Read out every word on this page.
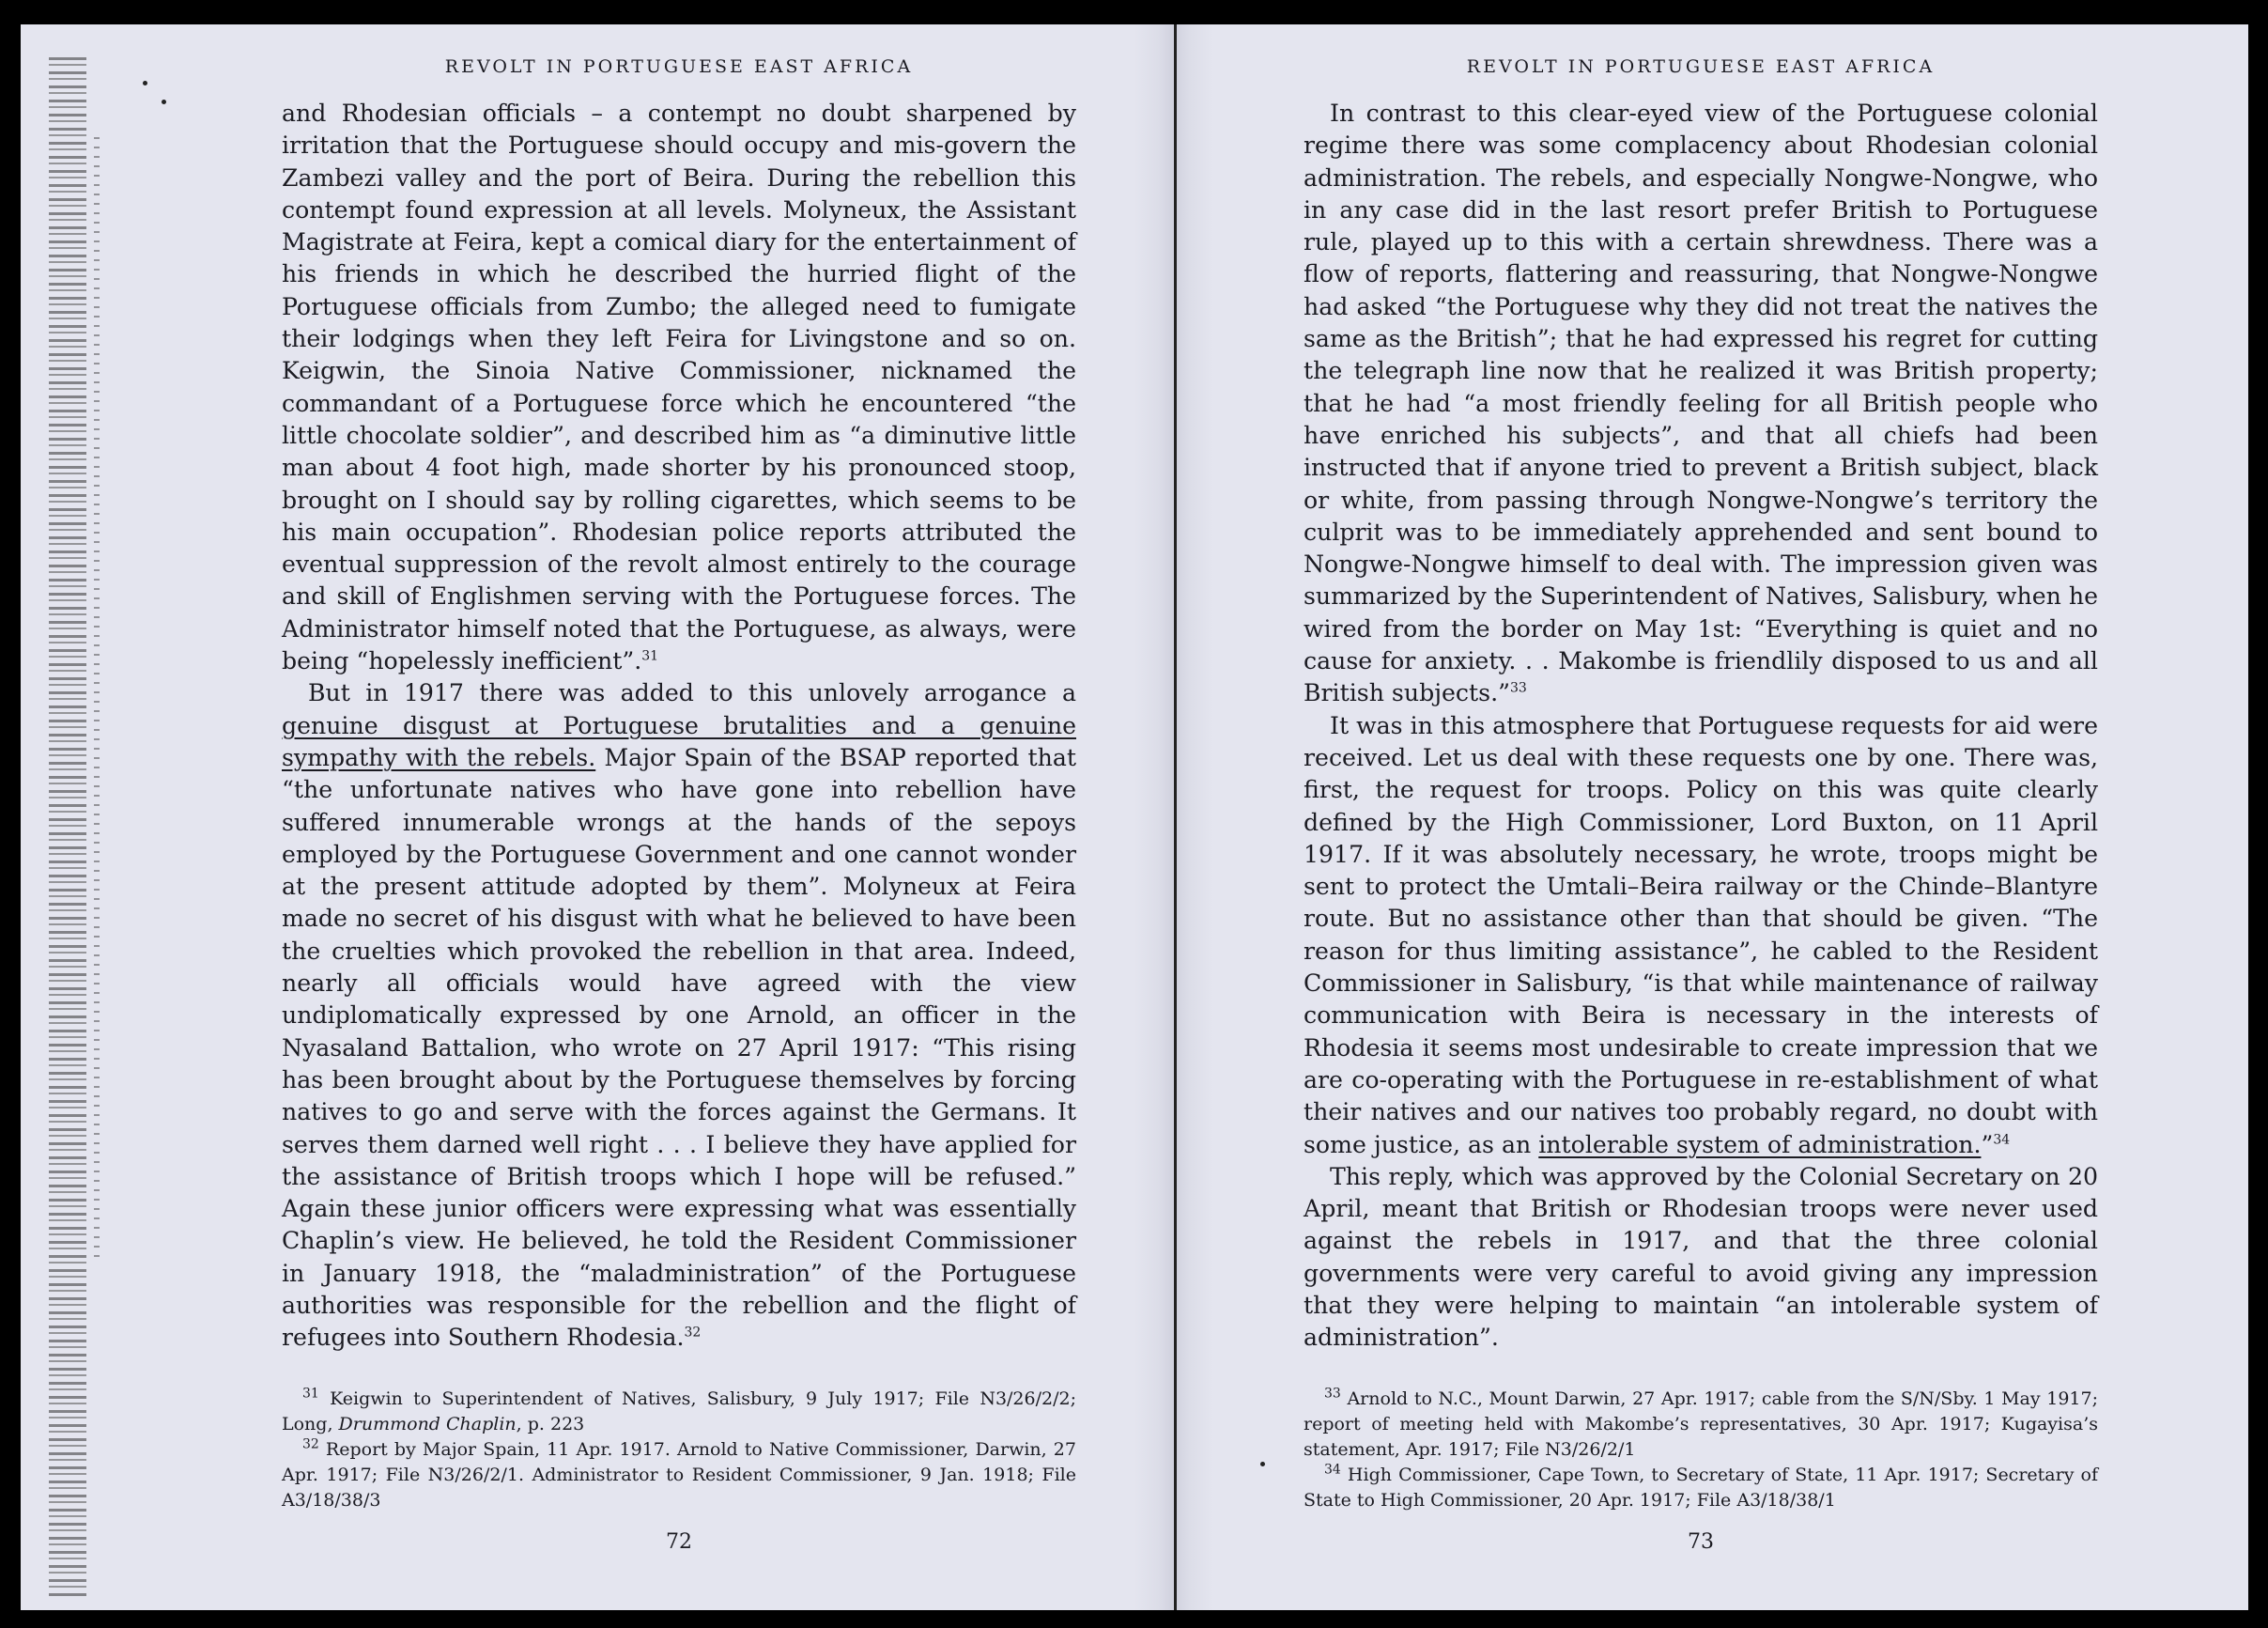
REVOLT IN PORTUGUESE EAST AFRICA

and Rhodesian officials – a contempt no doubt sharpened by irritation that the Portuguese should occupy and mis-govern the Zambezi valley and the port of Beira. During the rebellion this contempt found expression at all levels. Molyneux, the Assistant Magistrate at Feira, kept a comical diary for the entertainment of his friends in which he described the hurried flight of the Portuguese officials from Zumbo; the alleged need to fumigate their lodgings when they left Feira for Livingstone and so on. Keigwin, the Sinoia Native Commissioner, nicknamed the commandant of a Portuguese force which he encountered “the little chocolate soldier”, and described him as “a diminutive little man about 4 foot high, made shorter by his pronounced stoop, brought on I should say by rolling cigarettes, which seems to be his main occupation”. Rhodesian police reports attributed the eventual suppression of the revolt almost entirely to the courage and skill of Englishmen serving with the Portuguese forces. The Administrator himself noted that the Portuguese, as always, were being “hopelessly inefficient”.$^{31}$

But in 1917 there was added to this unlovely arrogance a genuine disgust at Portuguese brutalities and a genuine sympathy with the rebels. Major Spain of the BSAP reported that “the unfortunate natives who have gone into rebellion have suffered innumerable wrongs at the hands of the sepoys employed by the Portuguese Government and one cannot wonder at the present attitude adopted by them”. Molyneux at Feira made no secret of his disgust with what he believed to have been the cruelties which provoked the rebellion in that area. Indeed, nearly all officials would have agreed with the view undiplomatically expressed by one Arnold, an officer in the Nyasaland Battalion, who wrote on 27 April 1917: “This rising has been brought about by the Portuguese themselves by forcing natives to go and serve with the forces against the Germans. It serves them darned well right . . . I believe they have applied for the assistance of British troops which I hope will be refused.” Again these junior officers were expressing what was essentially Chaplin’s view. He believed, he told the Resident Commissioner in January 1918, the “maladministration” of the Portuguese authorities was responsible for the rebellion and the flight of refugees into Southern Rhodesia.$^{32}$

$^{31}$ Keigwin to Superintendent of Natives, Salisbury, 9 July 1917; File N3/26/2/2; Long, Drummond Chaplin, p. 223

$^{32}$ Report by Major Spain, 11 Apr. 1917. Arnold to Native Commissioner, Darwin, 27 Apr. 1917; File N3/26/2/1. Administrator to Resident Commissioner, 9 Jan. 1918; File A3/18/38/3

72
REVOLT IN PORTUGUESE EAST AFRICA

In contrast to this clear-eyed view of the Portuguese colonial regime there was some complacency about Rhodesian colonial administration. The rebels, and especially Nongwe-Nongwe, who in any case did in the last resort prefer British to Portuguese rule, played up to this with a certain shrewdness. There was a flow of reports, flattering and reassuring, that Nongwe-Nongwe had asked “the Portuguese why they did not treat the natives the same as the British”; that he had expressed his regret for cutting the telegraph line now that he realized it was British property; that he had “a most friendly feeling for all British people who have enriched his subjects”, and that all chiefs had been instructed that if anyone tried to prevent a British subject, black or white, from passing through Nongwe-Nongwe’s territory the culprit was to be immediately apprehended and sent bound to Nongwe-Nongwe himself to deal with. The impression given was summarized by the Superintendent of Natives, Salisbury, when he wired from the border on May 1st: “Everything is quiet and no cause for anxiety. . . Makombe is friendlily disposed to us and all British subjects.”$^{33}$

It was in this atmosphere that Portuguese requests for aid were received. Let us deal with these requests one by one. There was, first, the request for troops. Policy on this was quite clearly defined by the High Commissioner, Lord Buxton, on 11 April 1917. If it was absolutely necessary, he wrote, troops might be sent to protect the Umtali–Beira railway or the Chinde–Blantyre route. But no assistance other than that should be given. “The reason for thus limiting assistance”, he cabled to the Resident Commissioner in Salisbury, “is that while maintenance of railway communication with Beira is necessary in the interests of Rhodesia it seems most undesirable to create impression that we are co-operating with the Portuguese in re-establishment of what their natives and our natives too probably regard, no doubt with some justice, as an intolerable system of administration.”$^{34}$

This reply, which was approved by the Colonial Secretary on 20 April, meant that British or Rhodesian troops were never used against the rebels in 1917, and that the three colonial governments were very careful to avoid giving any impression that they were helping to maintain “an intolerable system of administration”.

$^{33}$ Arnold to N.C., Mount Darwin, 27 Apr. 1917; cable from the S/N/Sby. 1 May 1917; report of meeting held with Makombe’s representatives, 30 Apr. 1917; Kugayisa’s statement, Apr. 1917; File N3/26/2/1

$^{34}$ High Commissioner, Cape Town, to Secretary of State, 11 Apr. 1917; Secretary of State to High Commissioner, 20 Apr. 1917; File A3/18/38/1

73
